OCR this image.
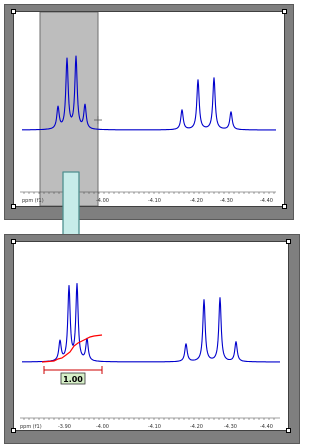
ppm (f1)	-4.00	-4.10	-4.20	-4.30	-4.40
1.00
ppm (f1)	-3.90	-4.00	-4.10	-4.20	-4.30	-4.40
